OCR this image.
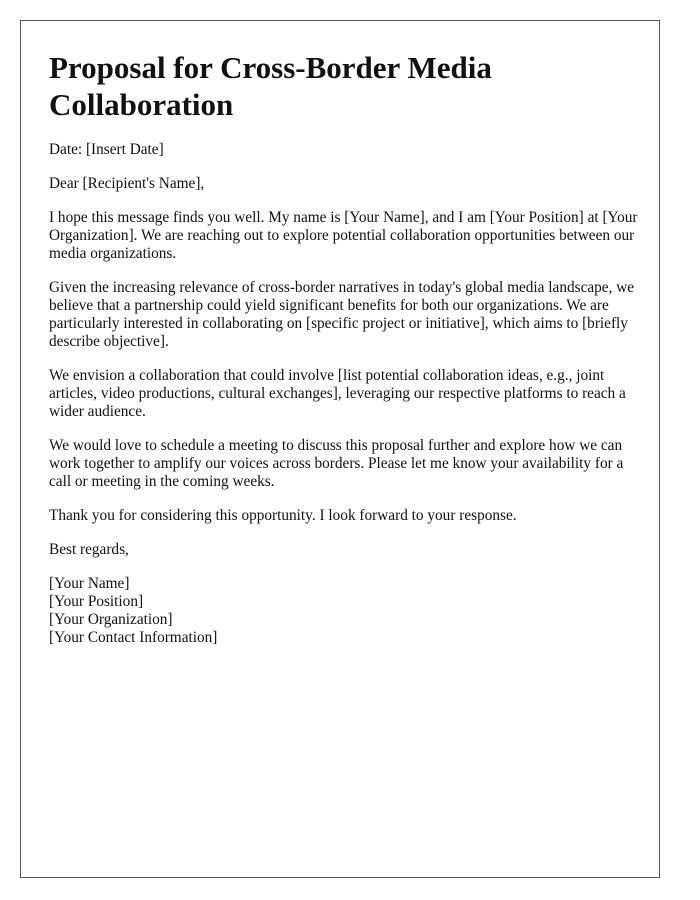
Proposal for Cross-Border Media Collaboration

Date: [Insert Date]

Dear [Recipient's Name],

I hope this message finds you well. My name is [Your Name], and I am [Your Position] at [Your Organization]. We are reaching out to explore potential collaboration opportunities between our media organizations.

Given the increasing relevance of cross-border narratives in today's global media landscape, we believe that a partnership could yield significant benefits for both our organizations. We are particularly interested in collaborating on [specific project or initiative], which aims to [briefly describe objective].

We envision a collaboration that could involve [list potential collaboration ideas, e.g., joint articles, video productions, cultural exchanges], leveraging our respective platforms to reach a wider audience.

We would love to schedule a meeting to discuss this proposal further and explore how we can work together to amplify our voices across borders. Please let me know your availability for a call or meeting in the coming weeks.

Thank you for considering this opportunity. I look forward to your response.

Best regards,

[Your Name]
[Your Position]
[Your Organization]
[Your Contact Information]
